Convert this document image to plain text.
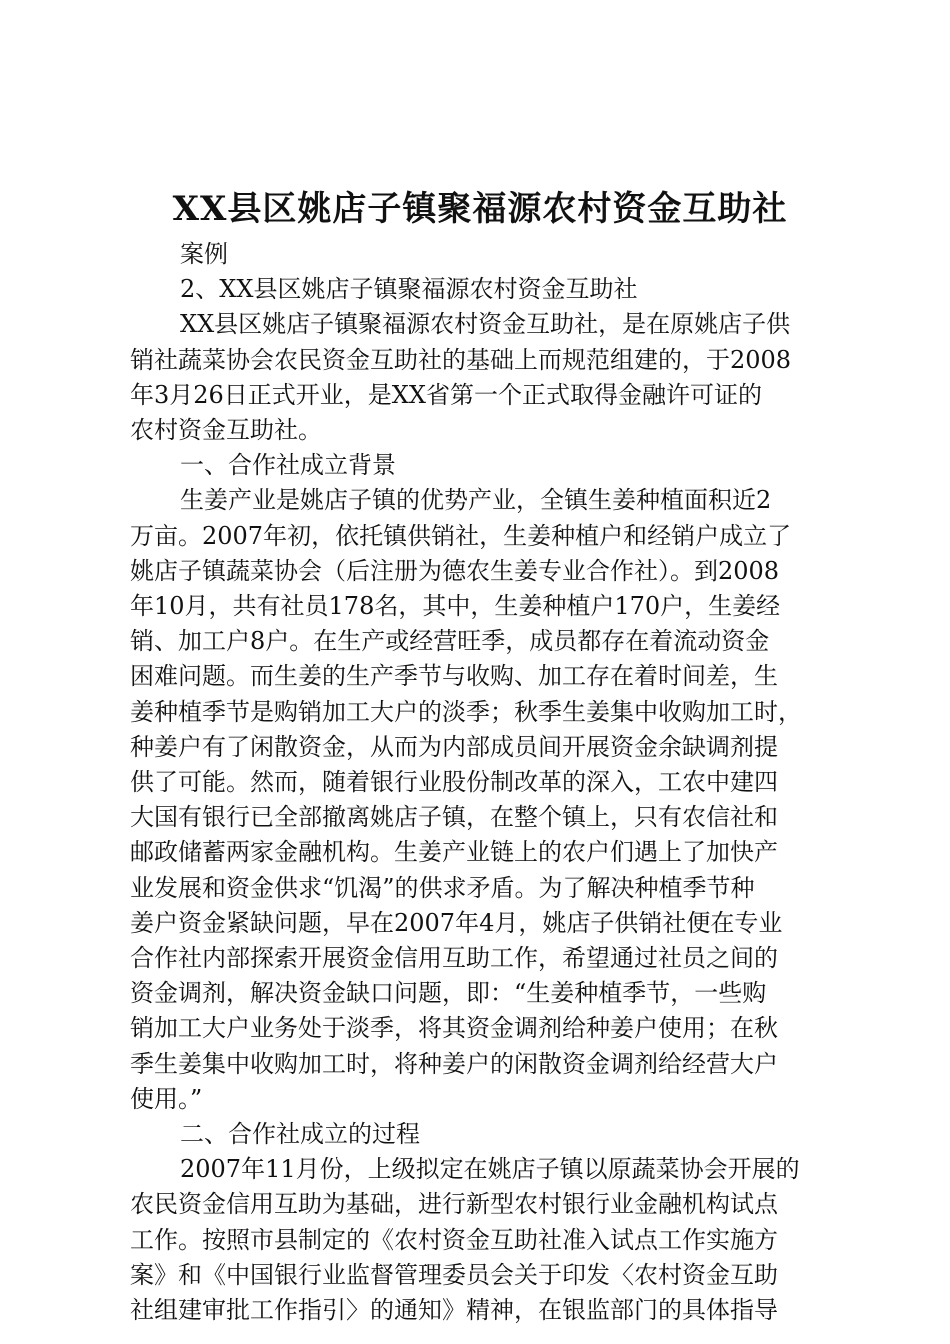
XX县区姚店子镇聚福源农村资金互助社

案例

2、XX县区姚店子镇聚福源农村资金互助社

XX县区姚店子镇聚福源农村资金互助社，是在原姚店子供

销社蔬菜协会农民资金互助社的基础上而规范组建的，于2008

年3月26日正式开业，是XX省第一个正式取得金融许可证的

农村资金互助社。

一、合作社成立背景

生姜产业是姚店子镇的优势产业，全镇生姜种植面积近2

万亩。2007年初，依托镇供销社，生姜种植户和经销户成立了

姚店子镇蔬菜协会（后注册为德农生姜专业合作社）。到2008

年10月，共有社员178名，其中，生姜种植户170户，生姜经

销、加工户8户。在生产或经营旺季，成员都存在着流动资金

困难问题。而生姜的生产季节与收购、加工存在着时间差，生

姜种植季节是购销加工大户的淡季；秋季生姜集中收购加工时，

种姜户有了闲散资金，从而为内部成员间开展资金余缺调剂提

供了可能。然而，随着银行业股份制改革的深入，工农中建四

大国有银行已全部撤离姚店子镇，在整个镇上，只有农信社和

邮政储蓄两家金融机构。生姜产业链上的农户们遇上了加快产

业发展和资金供求“饥渴”的供求矛盾。为了解决种植季节种

姜户资金紧缺问题，早在2007年4月，姚店子供销社便在专业

合作社内部探索开展资金信用互助工作，希望通过社员之间的

资金调剂，解决资金缺口问题，即：“生姜种植季节，一些购

销加工大户业务处于淡季，将其资金调剂给种姜户使用；在秋

季生姜集中收购加工时，将种姜户的闲散资金调剂给经营大户

使用。”

二、合作社成立的过程

2007年11月份，上级拟定在姚店子镇以原蔬菜协会开展的

农民资金信用互助为基础，进行新型农村银行业金融机构试点

工作。按照市县制定的《农村资金互助社准入试点工作实施方

案》和《中国银行业监督管理委员会关于印发〈农村资金互助

社组建审批工作指引〉的通知》精神，在银监部门的具体指导
